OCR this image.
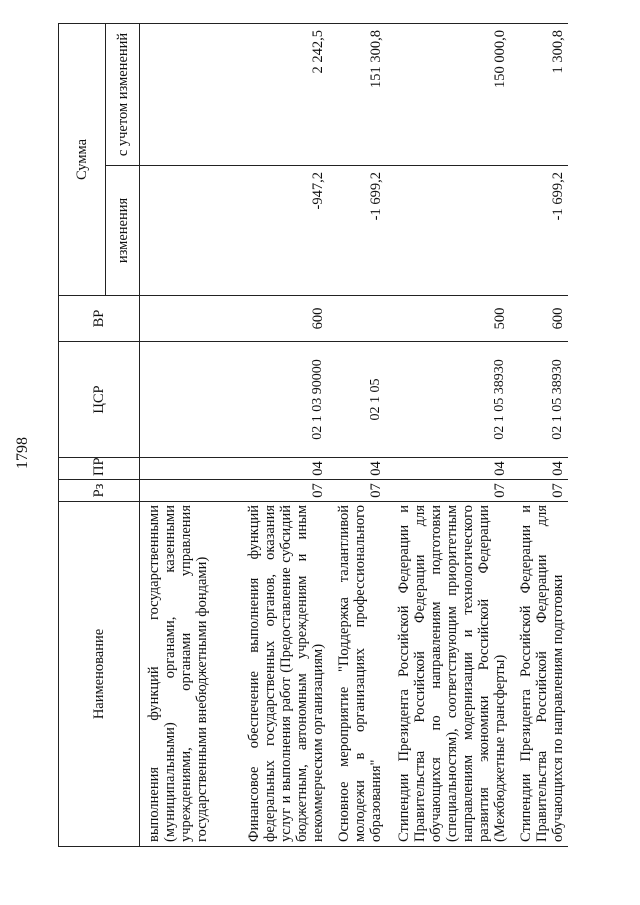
1798
Наименование	Рз	ПР	ЦСР	ВР	Сумма	
					изменения	с учетом изменений
выполнения функций государственными (муниципальными) органами, казенными учреждениями, органами управления государственными внебюджетными фондами)						
Финансовое обеспечение выполнения функций федеральных государственных органов, оказания услуг и выполнения работ (Предоставление субсидий бюджетным, автономным учреждениям и иным некоммерческим организациям)	07	04	02 1 03 90000	600	-947,2	2 242,5
Основное мероприятие "Поддержка талантливой молодежи в организациях профессионального образования"	07	04	02 1 05		-1 699,2	151 300,8
Стипендии Президента Российской Федерации и Правительства Российской Федерации для обучающихся по направлениям подготовки (специальностям), соответствующим приоритетным направлениям модернизации и технологического развития экономики Российской Федерации (Межбюджетные трансферты)	07	04	02 1 05 38930	500		150 000,0
Стипендии Президента Российской Федерации и Правительства Российской Федерации для обучающихся по направлениям подготовки	07	04	02 1 05 38930	600	-1 699,2	1 300,8
